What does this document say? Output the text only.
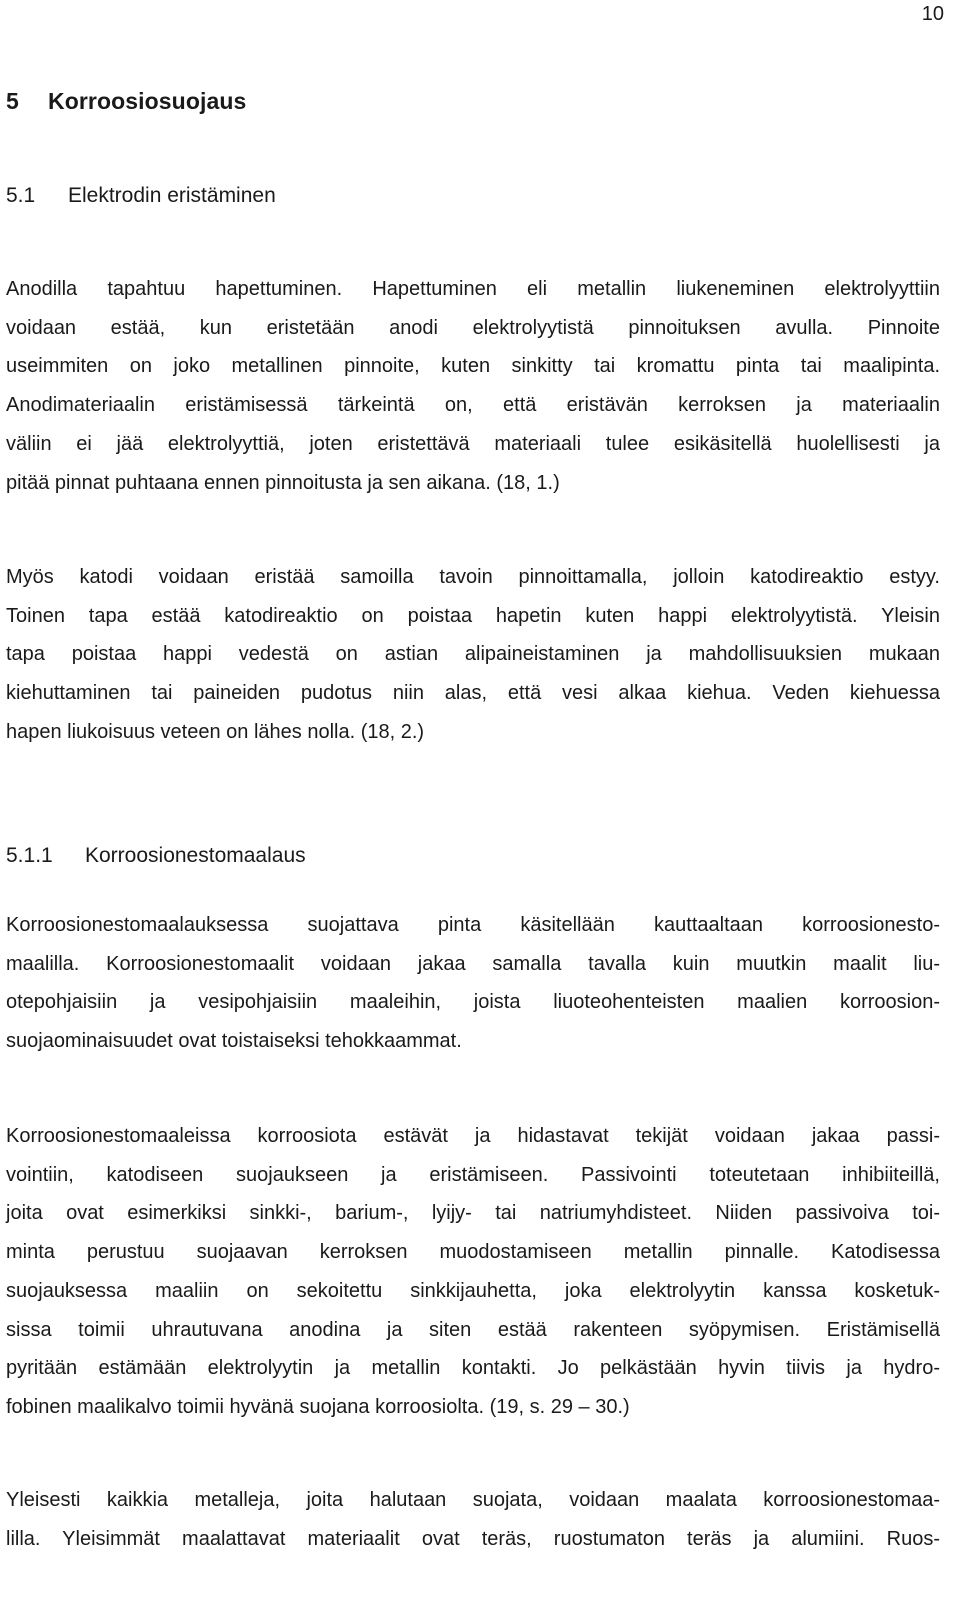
10
5 Korroosiosuojaus
5.1 Elektrodin eristäminen
Anodilla tapahtuu hapettuminen. Hapettuminen eli metallin liukeneminen elektrolyyttiin
voidaan estää, kun eristetään anodi elektrolyytistä pinnoituksen avulla. Pinnoite
useimmiten on joko metallinen pinnoite, kuten sinkitty tai kromattu pinta tai maalipinta.
Anodimateriaalin eristämisessä tärkeintä on, että eristävän kerroksen ja materiaalin
väliin ei jää elektrolyyttiä, joten eristettävä materiaali tulee esikäsitellä huolellisesti ja
pitää pinnat puhtaana ennen pinnoitusta ja sen aikana. (18, 1.)
Myös katodi voidaan eristää samoilla tavoin pinnoittamalla, jolloin katodireaktio estyy.
Toinen tapa estää katodireaktio on poistaa hapetin kuten happi elektrolyytistä. Yleisin
tapa poistaa happi vedestä on astian alipaineistaminen ja mahdollisuuksien mukaan
kiehuttaminen tai paineiden pudotus niin alas, että vesi alkaa kiehua. Veden kiehuessa
hapen liukoisuus veteen on lähes nolla. (18, 2.)
5.1.1 Korroosionestomaalaus
Korroosionestomaalauksessa suojattava pinta käsitellään kauttaaltaan korroosionesto-
maalilla. Korroosionestomaalit voidaan jakaa samalla tavalla kuin muutkin maalit liu-
otepohjaisiin ja vesipohjaisiin maaleihin, joista liuoteohenteisten maalien korroosion-
suojaominaisuudet ovat toistaiseksi tehokkaammat.
Korroosionestomaaleissa korroosiota estävät ja hidastavat tekijät voidaan jakaa passi-
vointiin, katodiseen suojaukseen ja eristämiseen. Passivointi toteutetaan inhibiiteillä,
joita ovat esimerkiksi sinkki-, barium-, lyijy- tai natriumyhdisteet. Niiden passivoiva toi-
minta perustuu suojaavan kerroksen muodostamiseen metallin pinnalle. Katodisessa
suojauksessa maaliin on sekoitettu sinkkijauhetta, joka elektrolyytin kanssa kosketuk-
sissa toimii uhrautuvana anodina ja siten estää rakenteen syöpymisen. Eristämisellä
pyritään estämään elektrolyytin ja metallin kontakti. Jo pelkästään hyvin tiivis ja hydro-
fobinen maalikalvo toimii hyvänä suojana korroosiolta. (19, s. 29 – 30.)
Yleisesti kaikkia metalleja, joita halutaan suojata, voidaan maalata korroosionestomaa-
lilla. Yleisimmät maalattavat materiaalit ovat teräs, ruostumaton teräs ja alumiini. Ruos-
